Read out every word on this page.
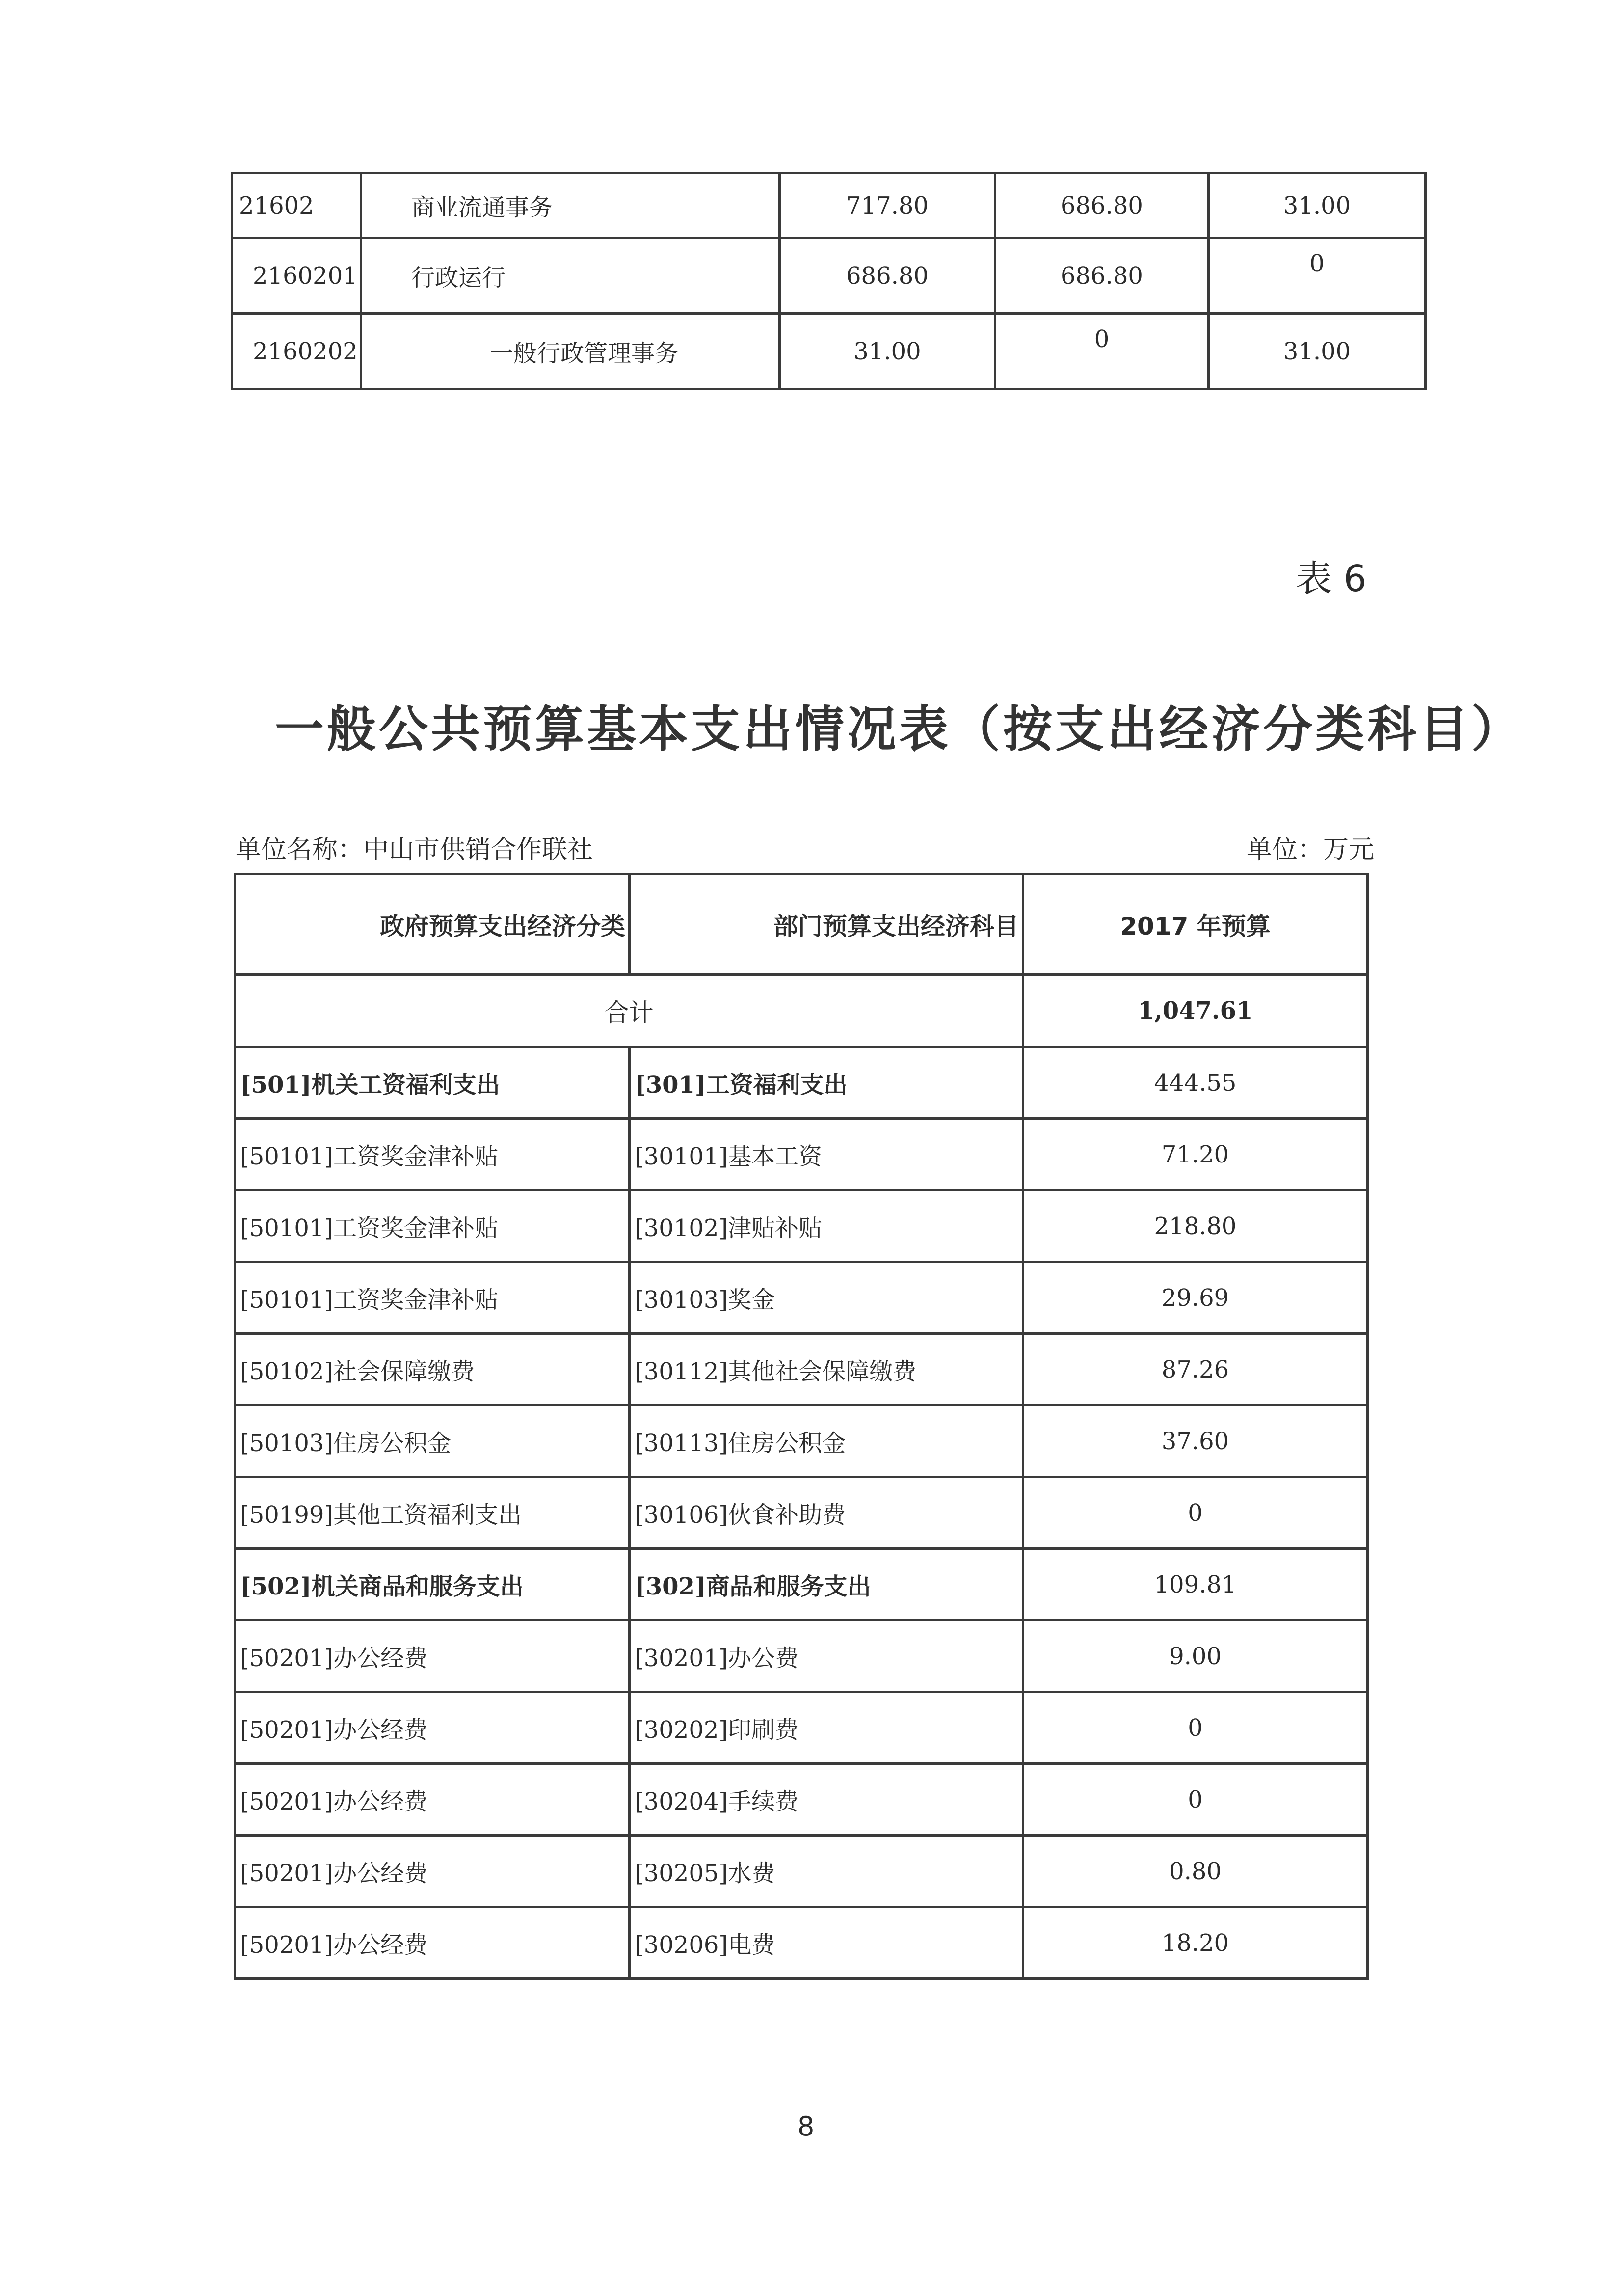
21602	商业流通事务	717.80	686.80	31.00
2160201	行政运行	686.80	686.80	0
2160202	一般行政管理事务	31.00	0	31.00
表 6
一般公共预算基本支出情况表（按支出经济分类科目）
单位名称：中山市供销合作联社	单位：万元
政府预算支出经济分类	部门预算支出经济科目	2017 年预算
合计		1,047.61
[501]机关工资福利支出	[301]工资福利支出	444.55
[50101]工资奖金津补贴	[30101]基本工资	71.20
[50101]工资奖金津补贴	[30102]津贴补贴	218.80
[50101]工资奖金津补贴	[30103]奖金	29.69
[50102]社会保障缴费	[30112]其他社会保障缴费	87.26
[50103]住房公积金	[30113]住房公积金	37.60
[50199]其他工资福利支出	[30106]伙食补助费	0
[502]机关商品和服务支出	[302]商品和服务支出	109.81
[50201]办公经费	[30201]办公费	9.00
[50201]办公经费	[30202]印刷费	0
[50201]办公经费	[30204]手续费	0
[50201]办公经费	[30205]水费	0.80
[50201]办公经费	[30206]电费	18.20
8
